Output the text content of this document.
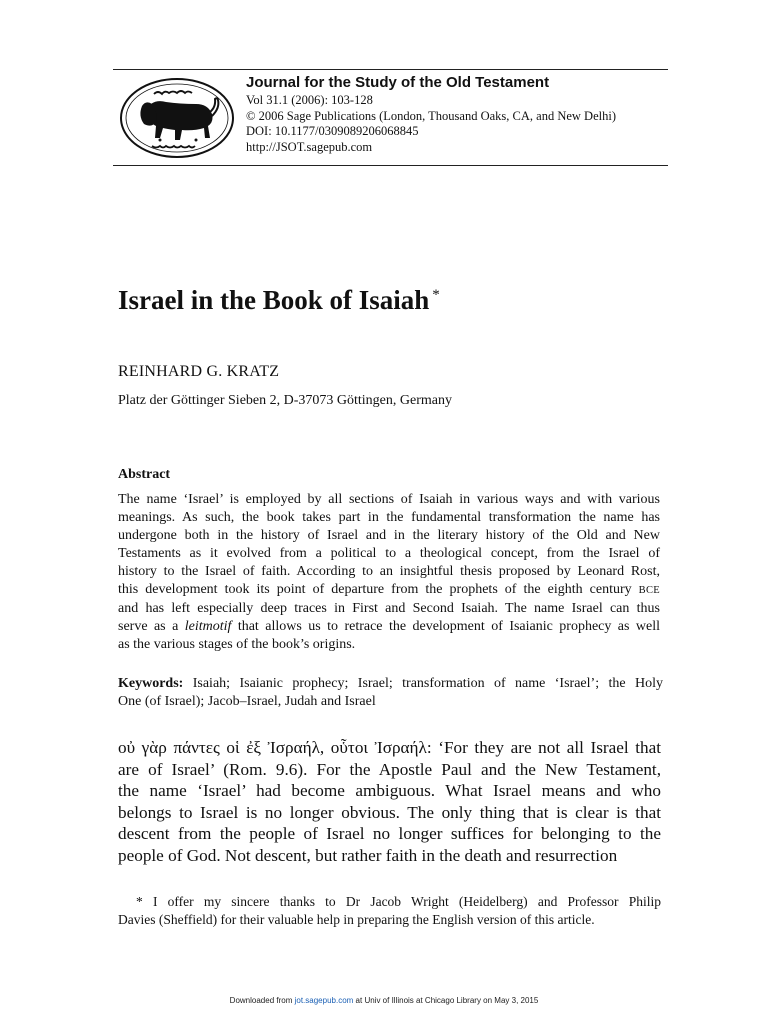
Journal for the Study of the Old Testament

Vol 31.1 (2006): 103-128

© 2006 Sage Publications (London, Thousand Oaks, CA, and New Delhi)

DOI: 10.1177/0309089206068845

http://JSOT.sagepub.com

Israel in the Book of Isaiah *

REINHARD G. KRATZ

Platz der Göttinger Sieben 2, D-37073 Göttingen, Germany

Abstract

The name ‘Israel’ is employed by all sections of Isaiah in various ways and with various
meanings. As such, the book takes part in the fundamental transformation the name has
undergone both in the history of Israel and in the literary history of the Old and New
Testaments as it evolved from a political to a theological concept, from the Israel of
history to the Israel of faith. According to an insightful thesis proposed by Leonard Rost,
this development took its point of departure from the prophets of the eighth century BCE
and has left especially deep traces in First and Second Isaiah. The name Israel can thus
serve as a leitmotif that allows us to retrace the development of Isaianic prophecy as well
as the various stages of the book’s origins.
Keywords: Isaiah; Isaianic prophecy; Israel; transformation of name ‘Israel’; the Holy
One (of Israel); Jacob–Israel, Judah and Israel
οὐ γὰρ πάντες οἱ ἐξ Ἰσραήλ, οὗτοι Ἰσραήλ: ‘For they are not all Israel that
are of Israel’ (Rom. 9.6). For the Apostle Paul and the New Testament,
the name ‘Israel’ had become ambiguous. What Israel means and who
belongs to Israel is no longer obvious. The only thing that is clear is that
descent from the people of Israel no longer suffices for belonging to the
people of God. Not descent, but rather faith in the death and resurrection
* I offer my sincere thanks to Dr Jacob Wright (Heidelberg) and Professor Philip
Davies (Sheffield) for their valuable help in preparing the English version of this article.

Downloaded from jot.sagepub.com at Univ of Illinois at Chicago Library on May 3, 2015
